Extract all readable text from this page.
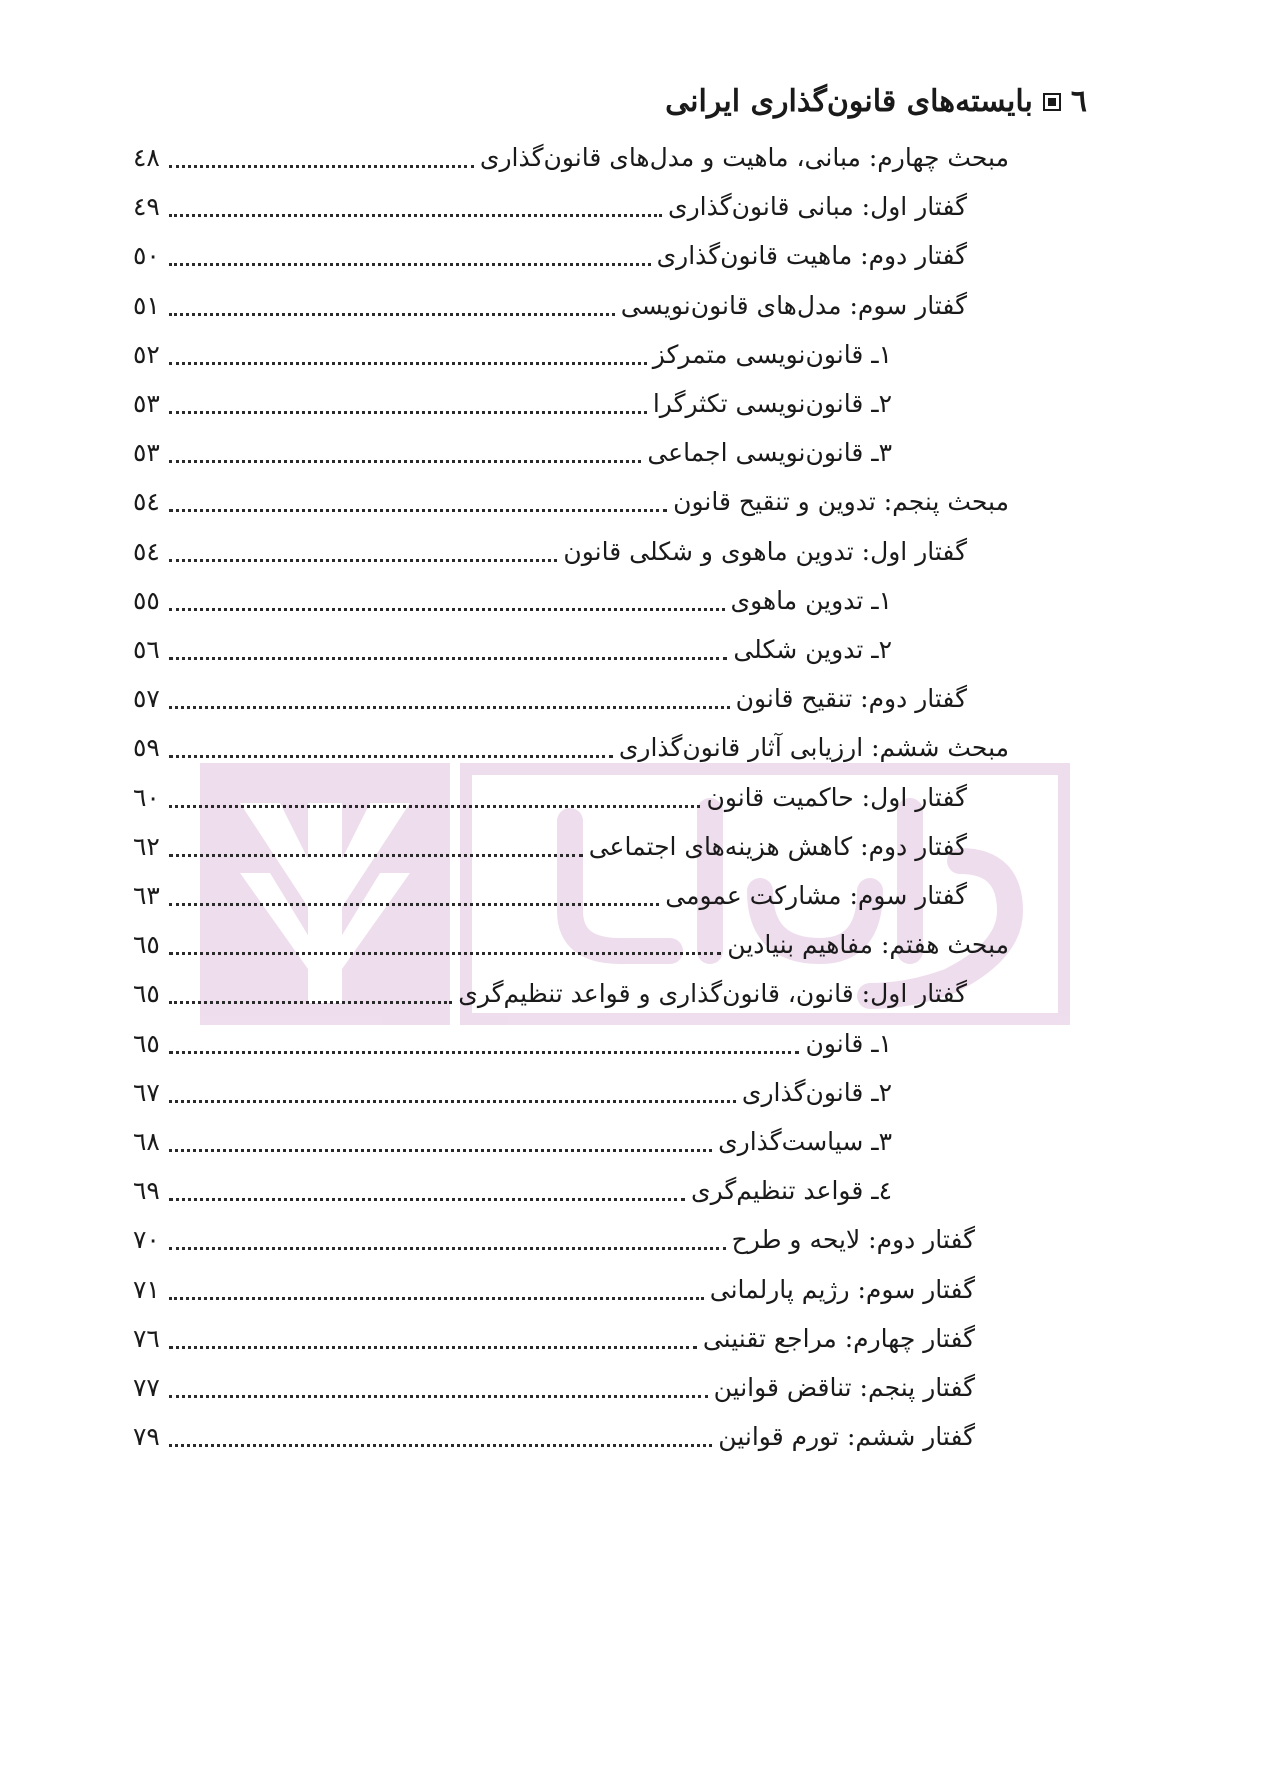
٦
بایسته‌های قانون‌گذاری ایرانی
مبحث چهارم: مبانی، ماهیت و مدل‌های قانون‌گذاری
٤٨
گفتار اول: مبانی قانون‌گذاری
٤٩
گفتار دوم: ماهیت قانون‌گذاری
٥٠
گفتار سوم: مدل‌های قانون‌نویسی
٥١
١ـ قانون‌نویسی متمرکز
٥٢
٢ـ قانون‌نویسی تکثرگرا
٥٣
٣ـ قانون‌نویسی اجماعی
٥٣
مبحث پنجم: تدوین و تنقیح قانون
٥٤
گفتار اول: تدوین ماهوی و شکلی قانون
٥٤
١ـ تدوین ماهوی
٥٥
٢ـ تدوین شکلی
٥٦
گفتار دوم: تنقیح قانون
٥٧
مبحث ششم: ارزیابی آثار قانون‌گذاری
٥٩
گفتار اول: حاکمیت قانون
٦٠
گفتار دوم: کاهش هزینه‌های اجتماعی
٦٢
گفتار سوم: مشارکت عمومی
٦٣
مبحث هفتم: مفاهیم بنیادین
٦٥
گفتار اول: قانون، قانون‌گذاری و قواعد تنظیم‌گری
٦٥
١ـ قانون
٦٥
٢ـ قانون‌گذاری
٦٧
٣ـ سیاست‌گذاری
٦٨
٤ـ قواعد تنظیم‌گری
٦٩
گفتار دوم: لایحه و طرح
٧٠
گفتار سوم: رژیم پارلمانی
٧١
گفتار چهارم: مراجع تقنینی
٧٦
گفتار پنجم: تناقض قوانین
٧٧
گفتار ششم: تورم قوانین
٧٩
